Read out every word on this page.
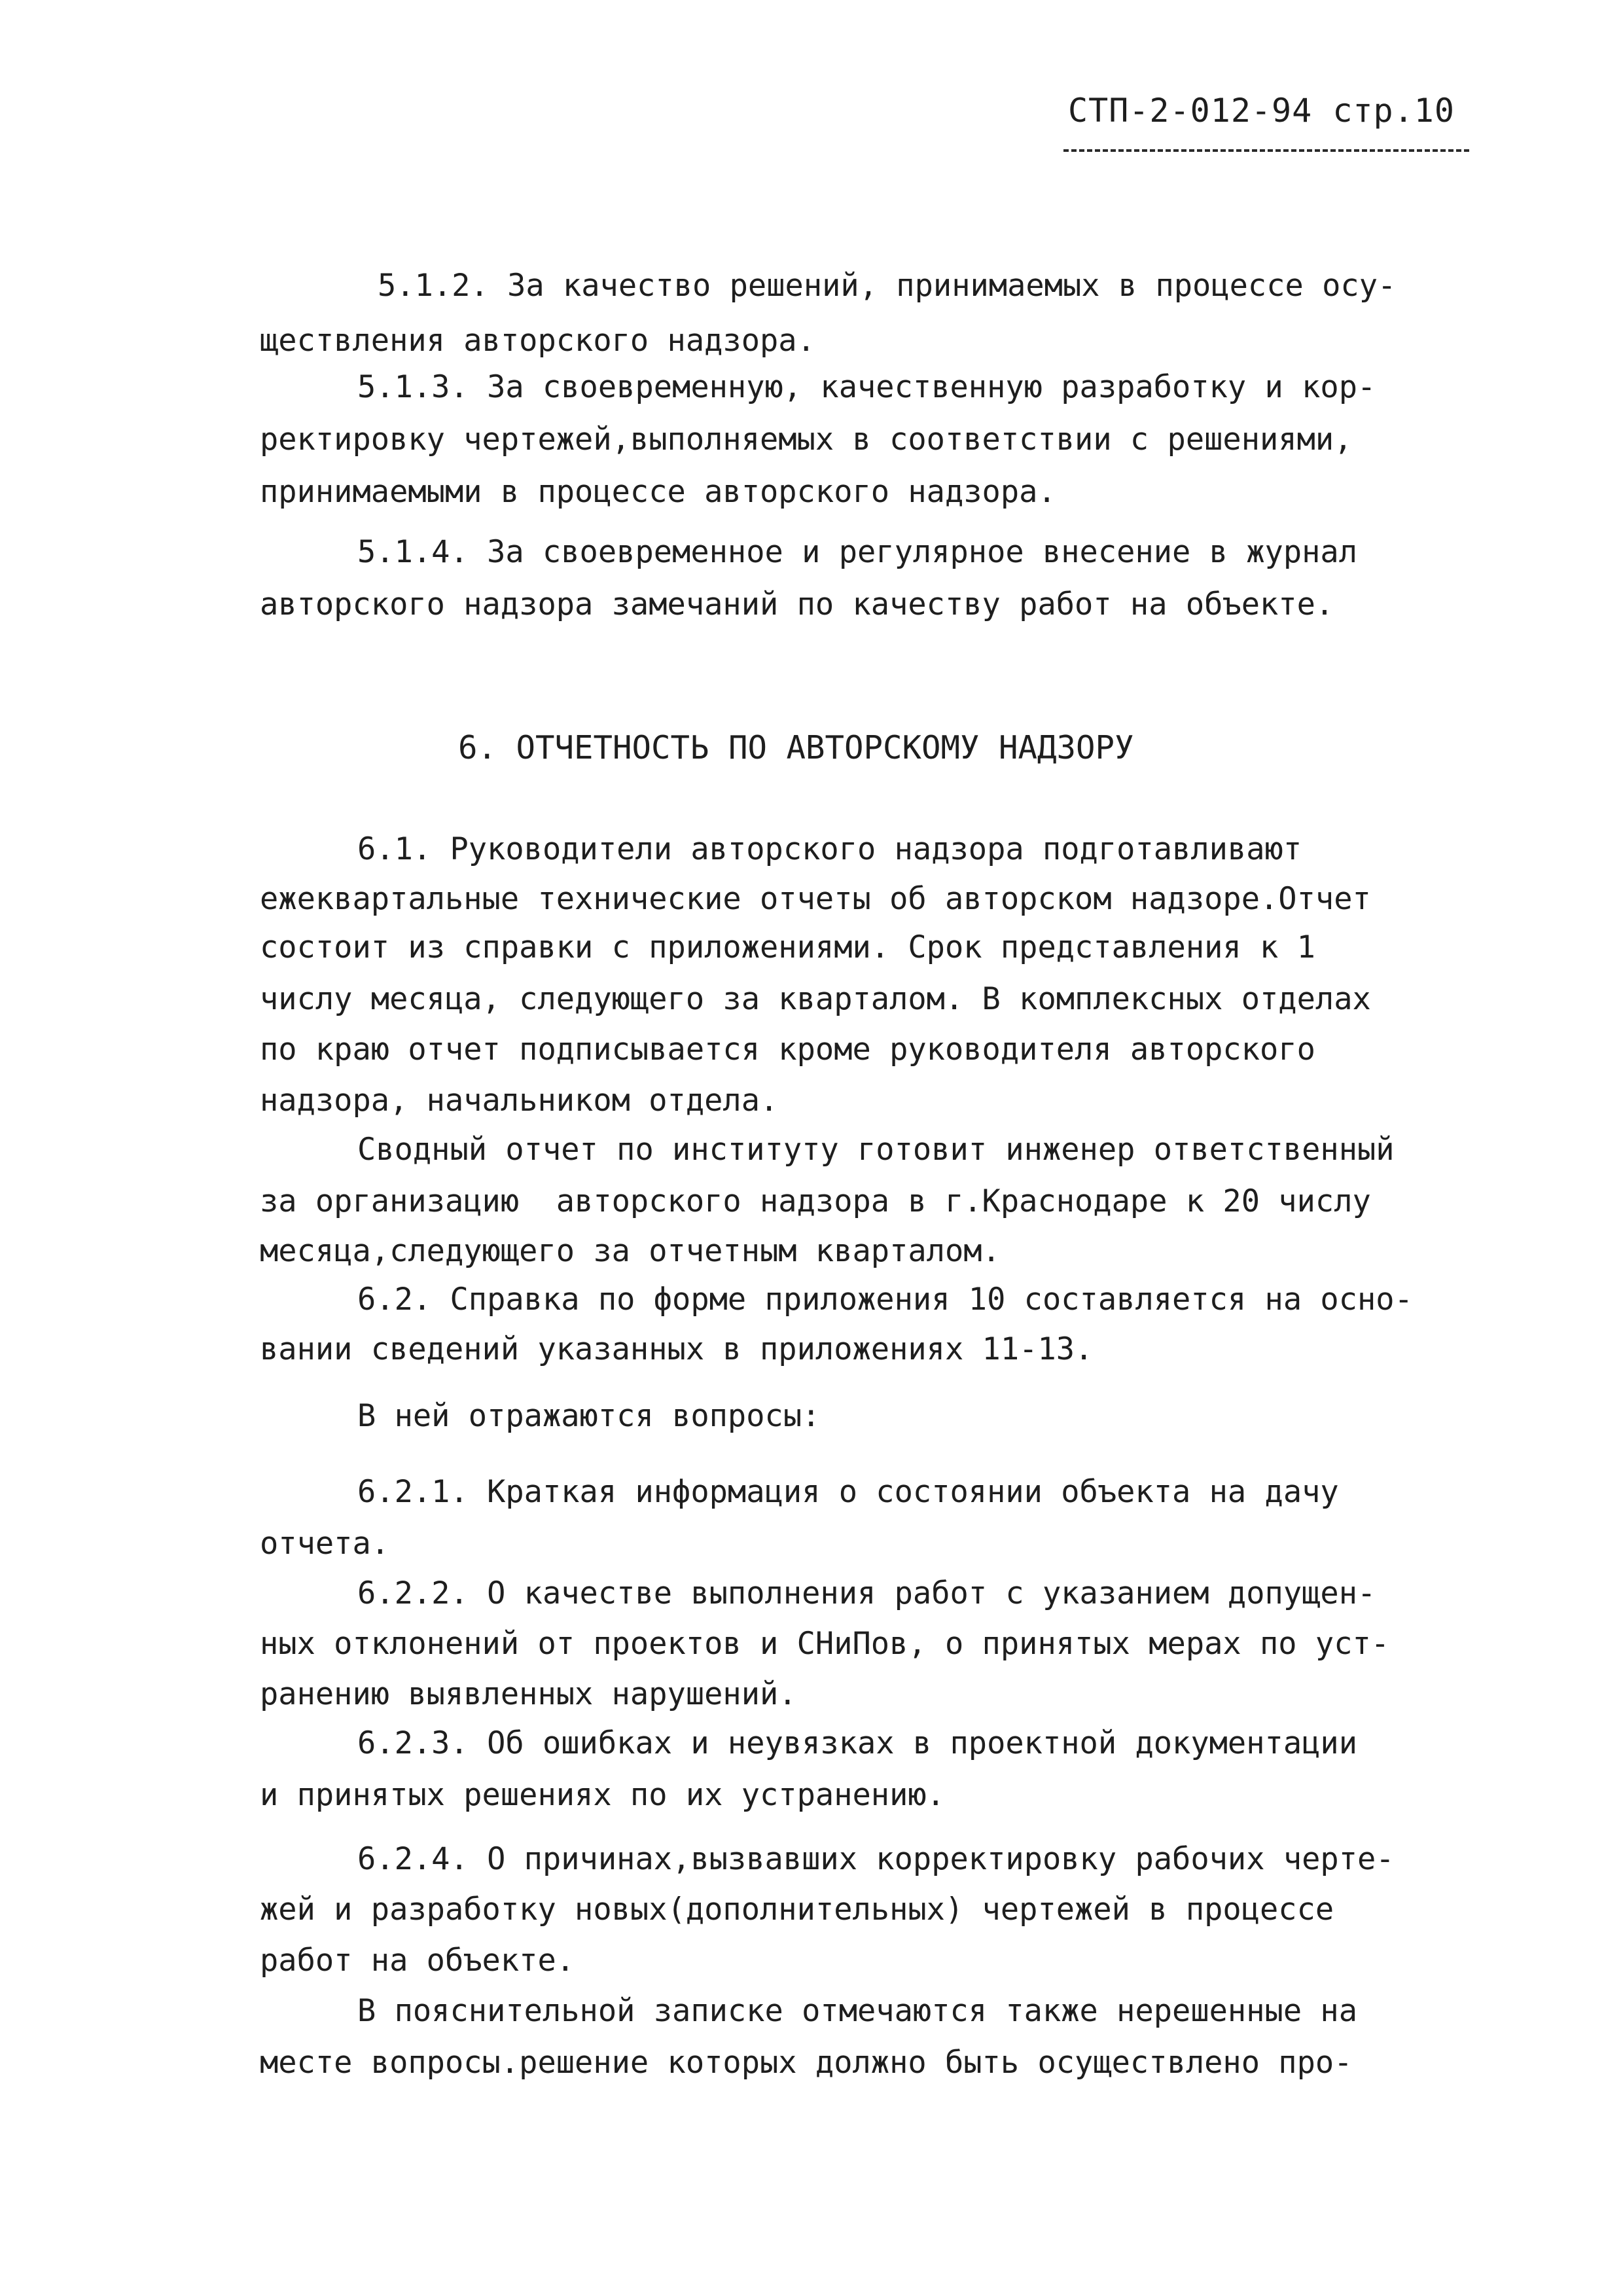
СТП-2-012-94 стр.10
5.1.2. За качество решений, принимаемых в процессе осу-
ществления авторского надзора.
5.1.3. За своевременную, качественную разработку и кор-
ректировку чертежей,выполняемых в соответствии с решениями,
принимаемыми в процессе авторского надзора.
5.1.4. За своевременное и регулярное внесение в журнал
авторского надзора замечаний по качеству работ на объекте.
6. ОТЧЕТНОСТЬ ПО АВТОРСКОМУ НАДЗОРУ
6.1. Руководители авторского надзора подготавливают
ежеквартальные технические отчеты об авторском надзоре.Отчет
состоит из справки с приложениями. Срок представления к 1
числу месяца, следующего за кварталом. В комплексных отделах
по краю отчет подписывается кроме руководителя авторского
надзора, начальником отдела.
Сводный отчет по институту готовит инженер ответственный
за организацию  авторского надзора в г.Краснодаре к 20 числу
месяца,следующего за отчетным кварталом.
6.2. Справка по форме приложения 10 составляется на осно-
вании сведений указанных в приложениях 11-13.
В ней отражаются вопросы:
6.2.1. Краткая информация о состоянии объекта на дачу
отчета.
6.2.2. О качестве выполнения работ с указанием допущен-
ных отклонений от проектов и СНиПов, о принятых мерах по уст-
ранению выявленных нарушений.
6.2.3. Об ошибках и неувязках в проектной документации
и принятых решениях по их устранению.
6.2.4. О причинах,вызвавших корректировку рабочих черте-
жей и разработку новых(дополнительных) чертежей в процессе
работ на объекте.
В пояснительной записке отмечаются также нерешенные на
месте вопросы.решение которых должно быть осуществлено про-
